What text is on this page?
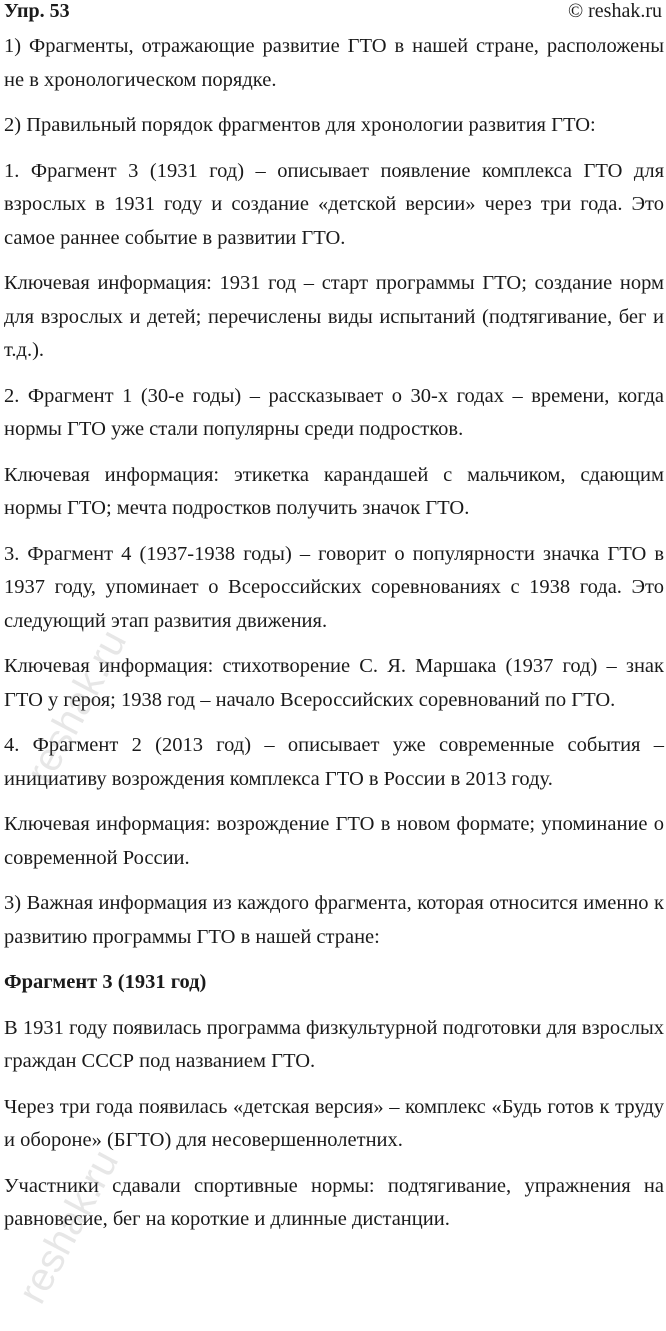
Упр. 53	© reshak.ru

1) Фрагменты, отражающие развитие ГТО в нашей стране, расположены не в хронологическом порядке.

2) Правильный порядок фрагментов для хронологии развития ГТО:

1. Фрагмент 3 (1931 год) – описывает появление комплекса ГТО для взрослых в 1931 году и создание «детской версии» через три года. Это самое раннее событие в развитии ГТО.

Ключевая информация: 1931 год – старт программы ГТО; создание норм для взрослых и детей; перечислены виды испытаний (подтягивание, бег и т.д.).

2. Фрагмент 1 (30-е годы) – рассказывает о 30-х годах – времени, когда нормы ГТО уже стали популярны среди подростков.

Ключевая информация: этикетка карандашей с мальчиком, сдающим нормы ГТО; мечта подростков получить значок ГТО.

3. Фрагмент 4 (1937-1938 годы) – говорит о популярности значка ГТО в 1937 году, упоминает о Всероссийских соревнованиях с 1938 года. Это следующий этап развития движения.

Ключевая информация: стихотворение С. Я. Маршака (1937 год) – знак ГТО у героя; 1938 год – начало Всероссийских соревнований по ГТО.

4. Фрагмент 2 (2013 год) – описывает уже современные события – инициативу возрождения комплекса ГТО в России в 2013 году.

Ключевая информация: возрождение ГТО в новом формате; упоминание о современной России.

3) Важная информация из каждого фрагмента, которая относится именно к развитию программы ГТО в нашей стране:

Фрагмент 3 (1931 год)

В 1931 году появилась программа физкультурной подготовки для взрослых граждан СССР под названием ГТО.

Через три года появилась «детская версия» – комплекс «Будь готов к труду и обороне» (БГТО) для несовершеннолетних.

Участники сдавали спортивные нормы: подтягивание, упражнения на равновесие, бег на короткие и длинные дистанции.

reshak.ru
reshak.ru
